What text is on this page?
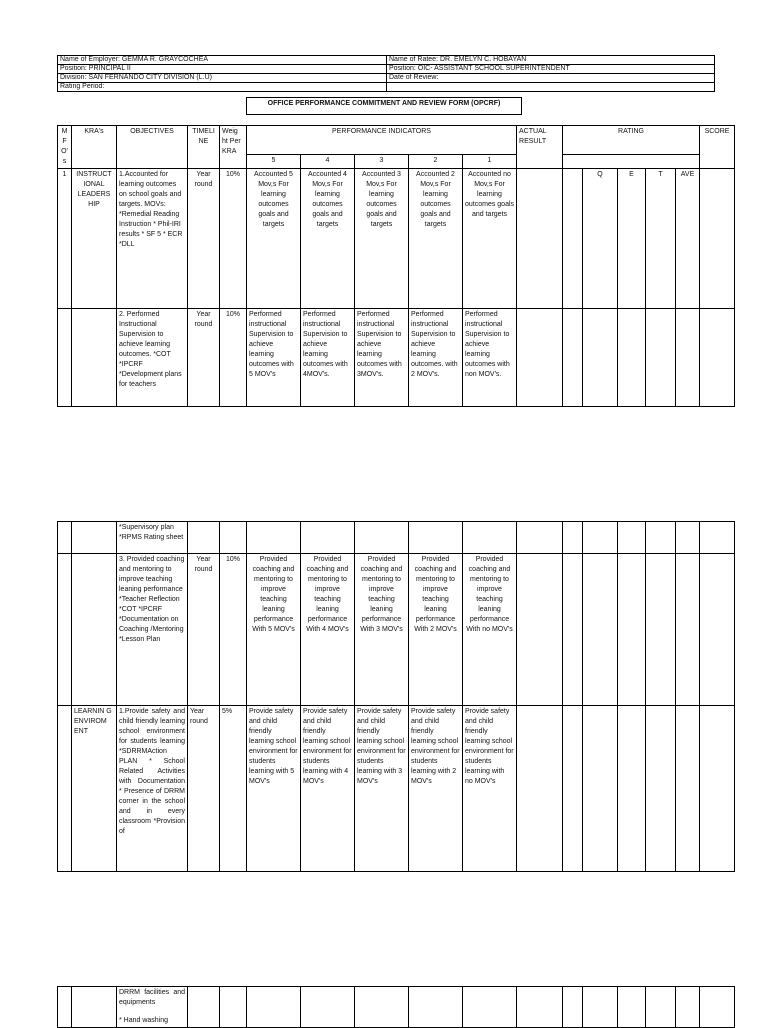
Name of Employer: GEMMA R. GRAYCOCHEA	Name of Ratee: DR. EMELYN C. HOBAYAN
Position: PRINCIPAL II	Position: OIC- ASSISTANT SCHOOL SUPERINTENDENT
Division: SAN FERNANDO CITY DIVISION (L.U)	Date of Review:
Rating Period:	
OFFICE PERFORMANCE COMMITMENT AND REVIEW FORM (OPCRF)
M F O' s	KRA's	OBJECTIVES	TIMELI NE	Weig ht Per KRA	PERFORMANCE INDICATORS					ACTUAL RESULT	RATING					SCORE
					5	4	3	2	1							
1	INSTRUCT IONAL LEADERS HIP	1.Accounted for learning outcomes on school goals and targets. MOVs: *Remedial Reading Instruction * Phil-IRI results * SF 5 * ECR *DLL	Year round	10%	Accounted 5 Mov,s For learning outcomes goals and targets	Accounted 4 Mov,s For learning outcomes goals and targets	Accounted 3 Mov,s For learning outcomes goals and targets	Accounted 2 Mov,s For learning outcomes goals and targets	Accounted no Mov,s For learning outcomes goals and targets			Q	E	T	AVE	
		2. Performed Instructional Supervision to achieve learning outcomes. *COT *IPCRF *Development plans for teachers	Year round	10%	Performed instructional Supervision to achieve learning outcomes with 5 MOV's	Performed instructional Supervision to achieve learning outcomes with 4MOV's.	Performed instructional Supervision to achieve learning outcomes with 3MOV's.	Performed instructional Supervision to achieve learning outcomes. with 2 MOV's.	Performed instructional Supervision to achieve learning outcomes with non MOV's.							
		*Supervisory plan *RPMS Rating sheet														
		3. Provided coaching and mentoring to improve teaching leaning performance *Teacher Reflection *COT *IPCRF *Documentation on Coaching /Mentoring *Lesson Plan	Year round	10%	Provided coaching and mentoring to improve teaching leaning performance With 5 MOV's	Provided coaching and mentoring to improve teaching leaning performance With 4 MOV's	Provided coaching and mentoring to improve teaching leaning performance With 3 MOV's	Provided coaching and mentoring to improve teaching leaning performance With 2 MOV's	Provided coaching and mentoring to improve teaching leaning performance With no MOV's							
	LEARNIN G ENVIROM ENT	1.Provide safety and child friendly learning school environment for students learning *SDRRMAction PLAN * School Related Activities with Documentation * Presence of DRRM corner in the school and in every classroom *Provision of	Year round	5%	Provide safety and child friendly learning school environment for students learning with 5 MOV's	Provide safety and child friendly learning school environment for students learning with 4 MOV's	Provide safety and child friendly learning school environment for students learning with 3 MOV's	Provide safety and child friendly learning school environment for students learning with 2 MOV's	Provide safety and child friendly learning school environment for students learning with no MOV's							

DRRM facilities and equipments
* Hand washing
